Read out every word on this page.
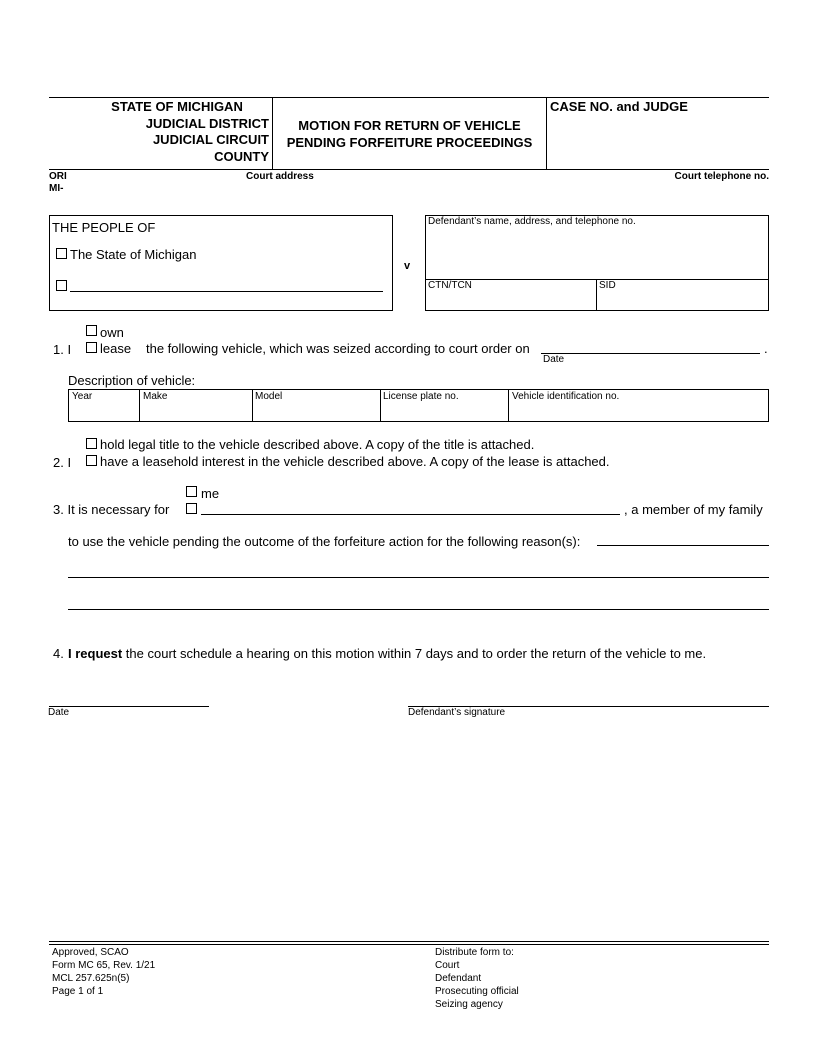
STATE OF MICHIGAN
JUDICIAL DISTRICT
JUDICIAL CIRCUIT
COUNTY
MOTION FOR RETURN OF VEHICLE
PENDING FORFEITURE PROCEEDINGS
CASE NO. and JUDGE
ORI
MI-
Court address	Court telephone no.
THE PEOPLE OF
The State of Michigan
v
Defendant’s name, address, and telephone no.
CTN/TCN	SID
own
1. I lease the following vehicle, which was seized according to court order on	.
Date
Description of vehicle:
Year	Make	Model	License plate no.	Vehicle identification no.
hold legal title to the vehicle described above. A copy of the title is attached.
2. I have a leasehold interest in the vehicle described above. A copy of the lease is attached.
me
3. It is necessary for	, a member of my family
to use the vehicle pending the outcome of the forfeiture action for the following reason(s):
4. I request the court schedule a hearing on this motion within 7 days and to order the return of the vehicle to me.
Date	Defendant’s signature
Approved, SCAO
Form MC 65, Rev. 1/21
MCL 257.625n(5)
Page 1 of 1
Distribute form to:
Court
Defendant
Prosecuting official
Seizing agency
